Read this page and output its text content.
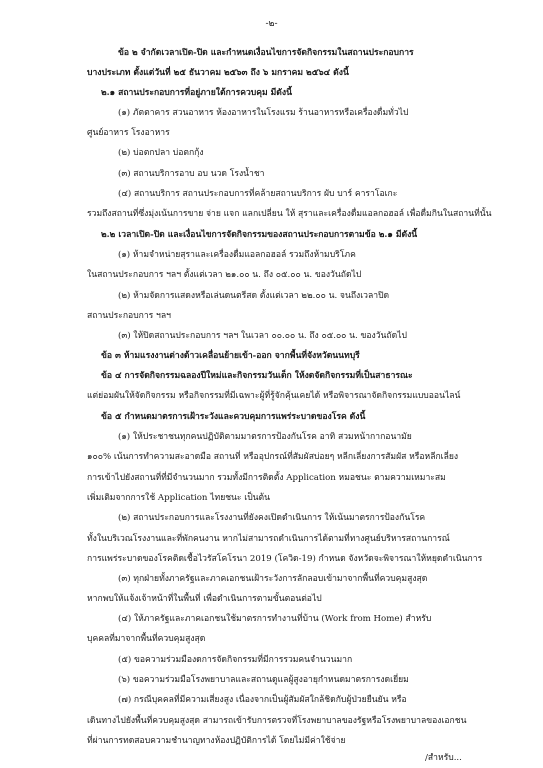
-๒-
ข้อ ๒ จำกัดเวลาเปิด-ปิด และกำหนดเงื่อนไขการจัดกิจกรรมในสถานประกอบการ
บางประเภท ตั้งแต่วันที่ ๒๕ ธันวาคม ๒๕๖๓ ถึง ๖ มกราคม ๒๕๖๔ ดังนี้
๒.๑ สถานประกอบการที่อยู่ภายใต้การควบคุม มีดังนี้
(๑) ภัตตาคาร สวนอาหาร ห้องอาหารในโรงแรม ร้านอาหารหรือเครื่องดื่มทั่วไป
ศูนย์อาหาร โรงอาหาร
(๒) บ่อตกปลา บ่อตกกุ้ง
(๓) สถานบริการอาบ อบ นวด โรงน้ำชา
(๔) สถานบริการ สถานประกอบการที่คล้ายสถานบริการ ผับ บาร์ คาราโอเกะ
รวมถึงสถานที่ซึ่งมุ่งเน้นการขาย จ่าย แจก แลกเปลี่ยน ให้ สุราและเครื่องดื่มแอลกอฮอล์ เพื่อดื่มกินในสถานที่นั้น
๒.๒ เวลาเปิด-ปิด และเงื่อนไขการจัดกิจกรรมของสถานประกอบการตามข้อ ๒.๑ มีดังนี้
(๑) ห้ามจำหน่ายสุราและเครื่องดื่มแอลกอฮอล์ รวมถึงห้ามบริโภค
ในสถานประกอบการ ฯลฯ ตั้งแต่เวลา ๒๑.๐๐ น. ถึง ๐๕.๐๐ น. ของวันถัดไป
(๒) ห้ามจัดการแสดงหรือเล่นดนตรีสด ตั้งแต่เวลา ๒๒.๐๐ น. จนถึงเวลาปิด
สถานประกอบการ ฯลฯ
(๓) ให้ปิดสถานประกอบการ ฯลฯ ในเวลา ๐๐.๐๐ น. ถึง ๐๕.๐๐ น. ของวันถัดไป
ข้อ ๓ ห้ามแรงงานต่างด้าวเคลื่อนย้ายเข้า-ออก จากพื้นที่จังหวัดนนทบุรี
ข้อ ๔ การจัดกิจกรรมฉลองปีใหม่และกิจกรรมวันเด็ก ให้งดจัดกิจกรรมที่เป็นสาธารณะ
แต่ย่อมผันให้จัดกิจกรรม หรือกิจกรรมที่มีเฉพาะผู้ที่รู้จักคุ้นเคยได้ หรือพิจารณาจัดกิจกรรมแบบออนไลน์
ข้อ ๕ กำหนดมาตรการเฝ้าระวังและควบคุมการแพร่ระบาดของโรค ดังนี้
(๑) ให้ประชาชนทุกคนปฏิบัติตามมาตรการป้องกันโรค อาทิ สวมหน้ากากอนามัย
๑๐๐% เน้นการทำความสะอาดมือ สถานที่ หรืออุปกรณ์ที่สัมผัสบ่อยๆ หลีกเลี่ยงการสัมผัส หรือหลีกเลี่ยง
การเข้าไปยังสถานที่ที่มีจำนวนมาก รวมทั้งมีการติดตั้ง Application หมอชนะ ตามความเหมาะสม
เพิ่มเติมจากการใช้ Application ไทยชนะ เป็นต้น
(๒) สถานประกอบการและโรงงานที่ยังคงเปิดดำเนินการ ให้เน้นมาตรการป้องกันโรค
ทั้งในบริเวณโรงงานและที่พักคนงาน หากไม่สามารถดำเนินการได้ตามที่ทางศูนย์บริหารสถานการณ์
การแพร่ระบาดของโรคติดเชื้อไวรัสโคโรนา 2019 (โควิด-19) กำหนด จังหวัดจะพิจารณาให้หยุดดำเนินการ
(๓) ทุกฝ่ายทั้งภาครัฐและภาคเอกชนเฝ้าระวังการลักลอบเข้ามาจากพื้นที่ควบคุมสูงสุด
หากพบให้แจ้งเจ้าหน้าที่ในพื้นที่ เพื่อดำเนินการตามขั้นตอนต่อไป
(๔) ให้ภาครัฐและภาคเอกชนใช้มาตรการทำงานที่บ้าน (Work from Home) สำหรับ
บุคคลที่มาจากพื้นที่ควบคุมสูงสุด
(๕) ขอความร่วมมืองดการจัดกิจกรรมที่มีการรวมคนจำนวนมาก
(๖) ขอความร่วมมือโรงพยาบาลและสถานดูแลผู้สูงอายุกำหนดมาตรการงดเยี่ยม
(๗) กรณีบุคคลที่มีความเสี่ยงสูง เนื่องจากเป็นผู้สัมผัสใกล้ชิดกับผู้ป่วยยืนยัน หรือ
เดินทางไปยังพื้นที่ควบคุมสูงสุด สามารถเข้ารับการตรวจที่โรงพยาบาลของรัฐหรือโรงพยาบาลของเอกชน
ที่ผ่านการทดสอบความชำนาญทางห้องปฏิบัติการได้ โดยไม่มีค่าใช้จ่าย
/สำหรับ...
